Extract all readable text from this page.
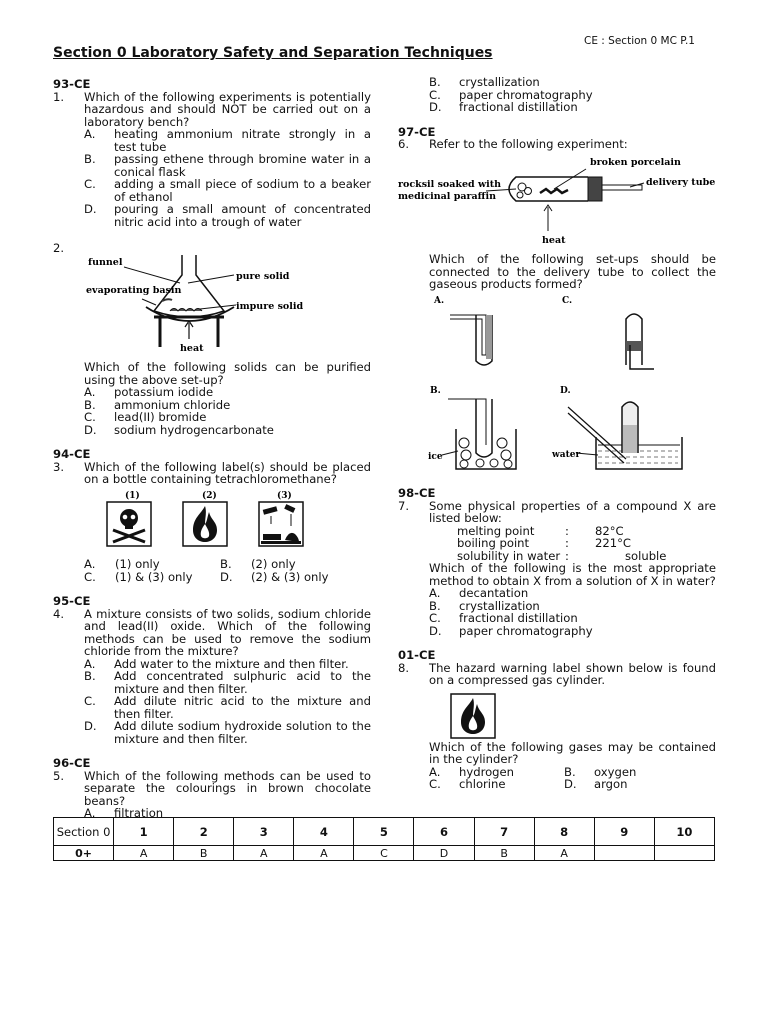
CE : Section 0 MC P.1
Section 0 Laboratory Safety and Separation Techniques
93-CE
1.	Which of the following experiments is potentially hazardous and should NOT be carried out on a laboratory bench?
A.	heating ammonium nitrate strongly in a test tube
B.	passing ethene through bromine water in a conical flask
C.	adding a small piece of sodium to a beaker of ethanol
D.	pouring a small amount of concentrated nitric acid into a trough of water
2.
funnel
pure solid
evaporating basin
impure solid
heat
Which of the following solids can be purified using the above set-up?
A.	potassium iodide
B.	ammonium chloride
C.	lead(II) bromide
D.	sodium hydrogencarbonate
94-CE
3.	Which of the following label(s) should be placed on a bottle containing tetrachloromethane?
(1)	(2)	(3)
A.	(1) only	B.	(2) only
C.	(1) & (3) only	D.	(2) & (3) only
95-CE
4.	A mixture consists of two solids, sodium chloride and lead(II) oxide. Which of the following methods can be used to remove the sodium chloride from the mixture?
A.	Add water to the mixture and then filter.
B.	Add concentrated sulphuric acid to the mixture and then filter.
C.	Add dilute nitric acid to the mixture and then filter.
D.	Add dilute sodium hydroxide solution to the mixture and then filter.
96-CE
5.	Which of the following methods can be used to separate the colourings in brown chocolate beans?
A.	filtration
B.	crystallization
C.	paper chromatography
D.	fractional distillation
97-CE
6.	Refer to the following experiment:
broken porcelain
rocksil soaked with
medicinal paraffin
delivery tube
heat
Which of the following set-ups should be connected to the delivery tube to collect the gaseous products formed?
A.	C.
B.	D.
ice	water
98-CE
7.	Some physical properties of a compound X are listed below:
melting point	:	82°C
boiling point	:	221°C
solubility in water :	soluble
Which of the following is the most appropriate method to obtain X from a solution of X in water?
A.	decantation
B.	crystallization
C.	fractional distillation
D.	paper chromatography
01-CE
8.	The hazard warning label shown below is found on a compressed gas cylinder.
Which of the following gases may be contained in the cylinder?
A.	hydrogen	B.	oxygen
C.	chlorine	D.	argon
Section 0	1	2	3	4	5	6	7	8	9	10
0+	A	B	A	A	C	D	B	A		
